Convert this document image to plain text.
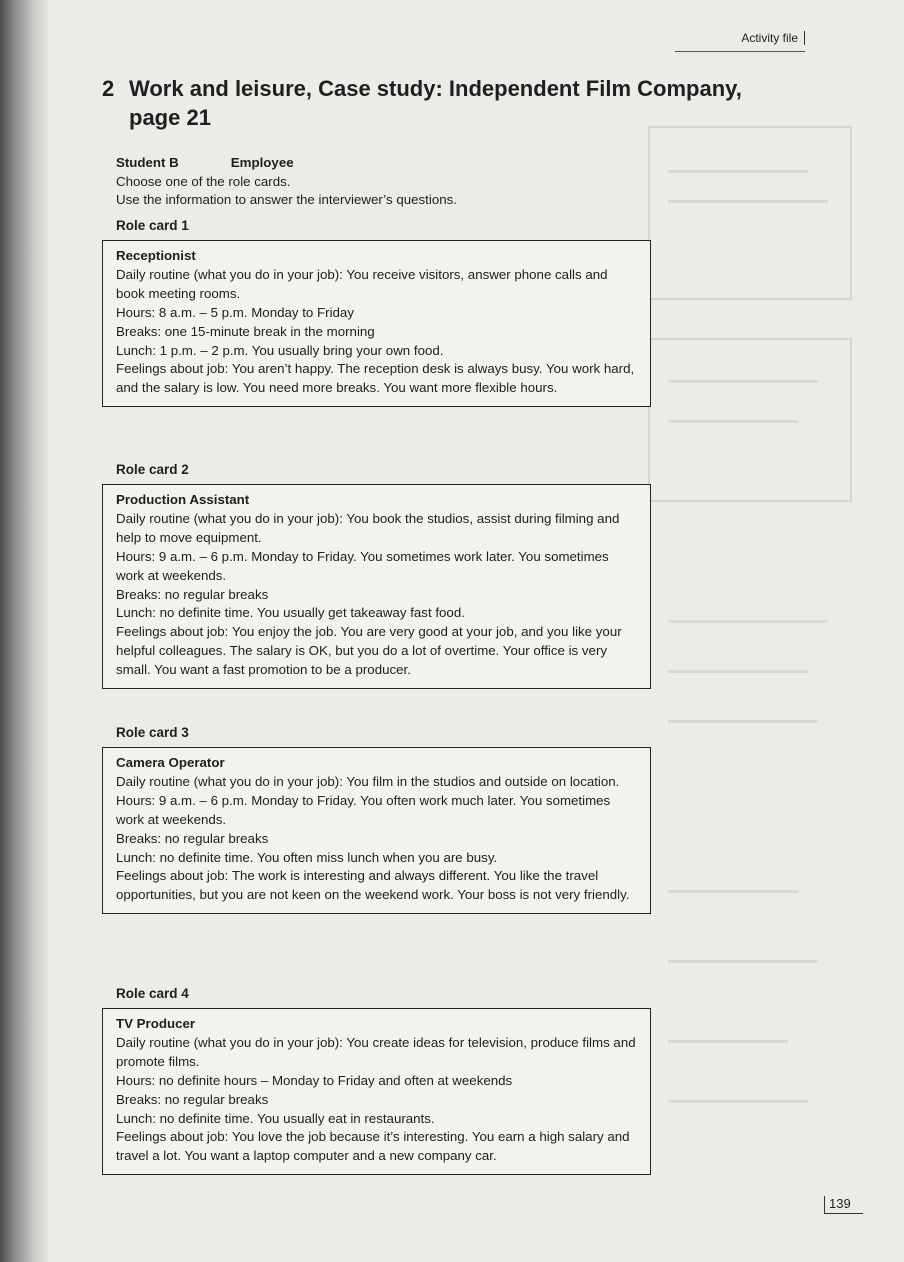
Activity file
2 Work and leisure, Case study: Independent Film Company,
page 21
Student B	Employee
Choose one of the role cards.
Use the information to answer the interviewer’s questions.
Role card 1

Receptionist

Daily routine (what you do in your job): You receive visitors, answer phone calls and book meeting rooms.

Hours: 8 a.m. – 5 p.m. Monday to Friday

Breaks: one 15-minute break in the morning

Lunch: 1 p.m. – 2 p.m. You usually bring your own food.

Feelings about job: You aren’t happy. The reception desk is always busy. You work hard, and the salary is low. You need more breaks. You want more flexible hours.

Role card 2

Production Assistant

Daily routine (what you do in your job): You book the studios, assist during filming and help to move equipment.

Hours: 9 a.m. – 6 p.m. Monday to Friday. You sometimes work later. You sometimes work at weekends.

Breaks: no regular breaks

Lunch: no definite time. You usually get takeaway fast food.

Feelings about job: You enjoy the job. You are very good at your job, and you like your helpful colleagues. The salary is OK, but you do a lot of overtime. Your office is very small. You want a fast promotion to be a producer.

Role card 3

Camera Operator

Daily routine (what you do in your job): You film in the studios and outside on location.

Hours: 9 a.m. – 6 p.m. Monday to Friday. You often work much later. You sometimes work at weekends.

Breaks: no regular breaks

Lunch: no definite time. You often miss lunch when you are busy.

Feelings about job: The work is interesting and always different. You like the travel opportunities, but you are not keen on the weekend work. Your boss is not very friendly.

Role card 4

TV Producer

Daily routine (what you do in your job): You create ideas for television, produce films and promote films.

Hours: no definite hours – Monday to Friday and often at weekends

Breaks: no regular breaks

Lunch: no definite time. You usually eat in restaurants.

Feelings about job: You love the job because it’s interesting. You earn a high salary and travel a lot. You want a laptop computer and a new company car.

139
